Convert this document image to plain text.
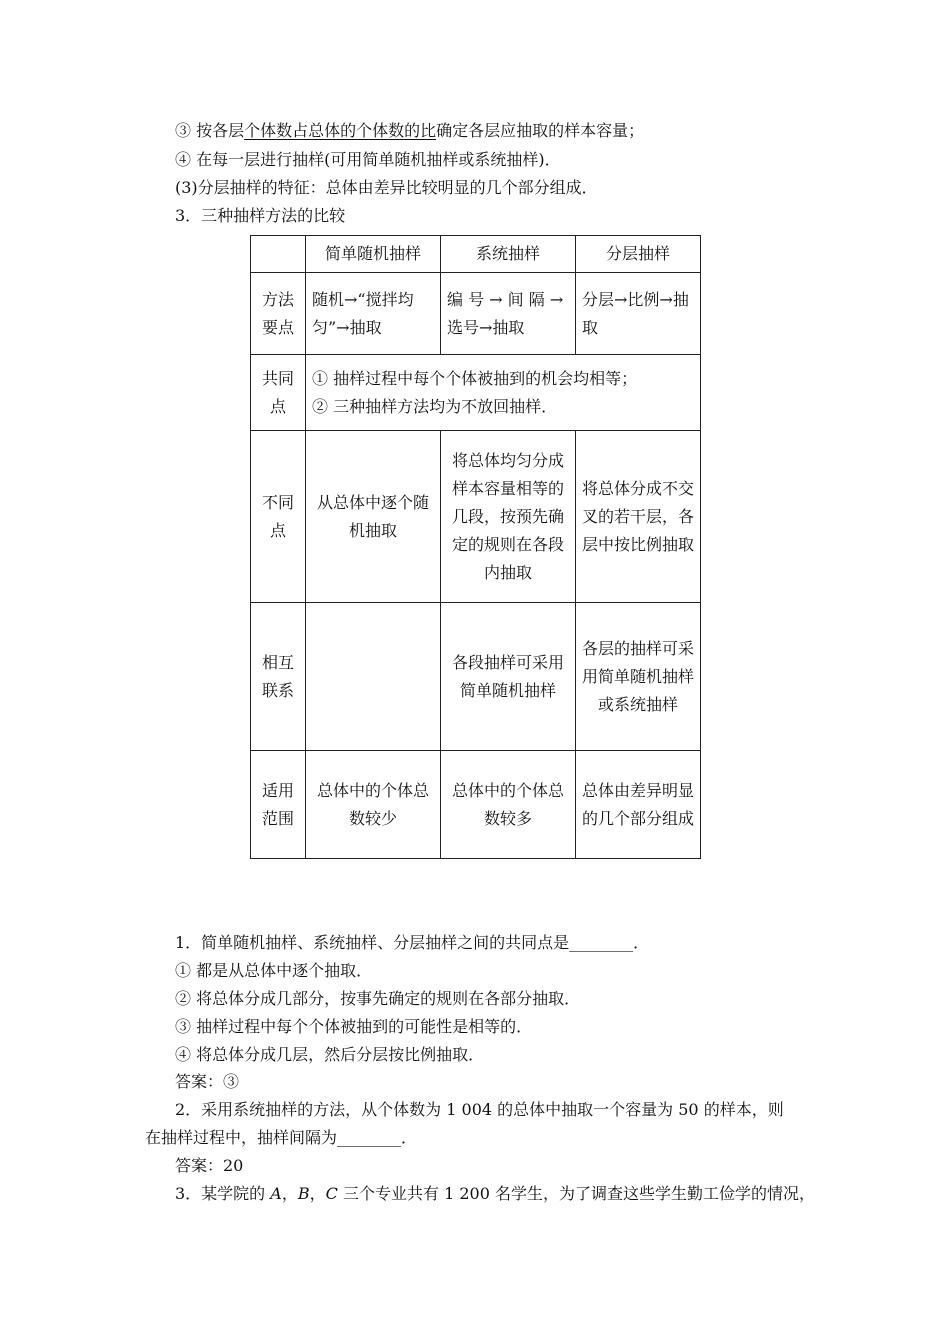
③ 按各层个体数占总体的个体数的比确定各层应抽取的样本容量；
④ 在每一层进行抽样(可用简单随机抽样或系统抽样)．
(3)分层抽样的特征：总体由差异比较明显的几个部分组成．
3．三种抽样方法的比较
	简单随机抽样	系统抽样	分层抽样
方法要点	随机→“搅拌均匀”→抽取	编 号 → 间 隔 → 选号→抽取	分层→比例→抽取
共同点	① 抽样过程中每个个体被抽到的机会均相等；
② 三种抽样方法均为不放回抽样．		

不同点	从总体中逐个随机抽取	将总体均匀分成样本容量相等的几段，按预先确定的规则在各段内抽取	将总体分成不交叉的若干层，各层中按比例抽取
相互联系		各段抽样可采用简单随机抽样	各层的抽样可采用简单随机抽样或系统抽样
适用范围	总体中的个体总数较少	总体中的个体总数较多	总体由差异明显的几个部分组成
1．简单随机抽样、系统抽样、分层抽样之间的共同点是________．
① 都是从总体中逐个抽取．
② 将总体分成几部分，按事先确定的规则在各部分抽取．
③ 抽样过程中每个个体被抽到的可能性是相等的．
④ 将总体分成几层，然后分层按比例抽取．
答案：③
2．采用系统抽样的方法，从个体数为 1 004 的总体中抽取一个容量为 50 的样本，则
在抽样过程中，抽样间隔为________．
答案：20
3．某学院的 A，B，C 三个专业共有 1 200 名学生，为了调查这些学生勤工俭学的情况，
